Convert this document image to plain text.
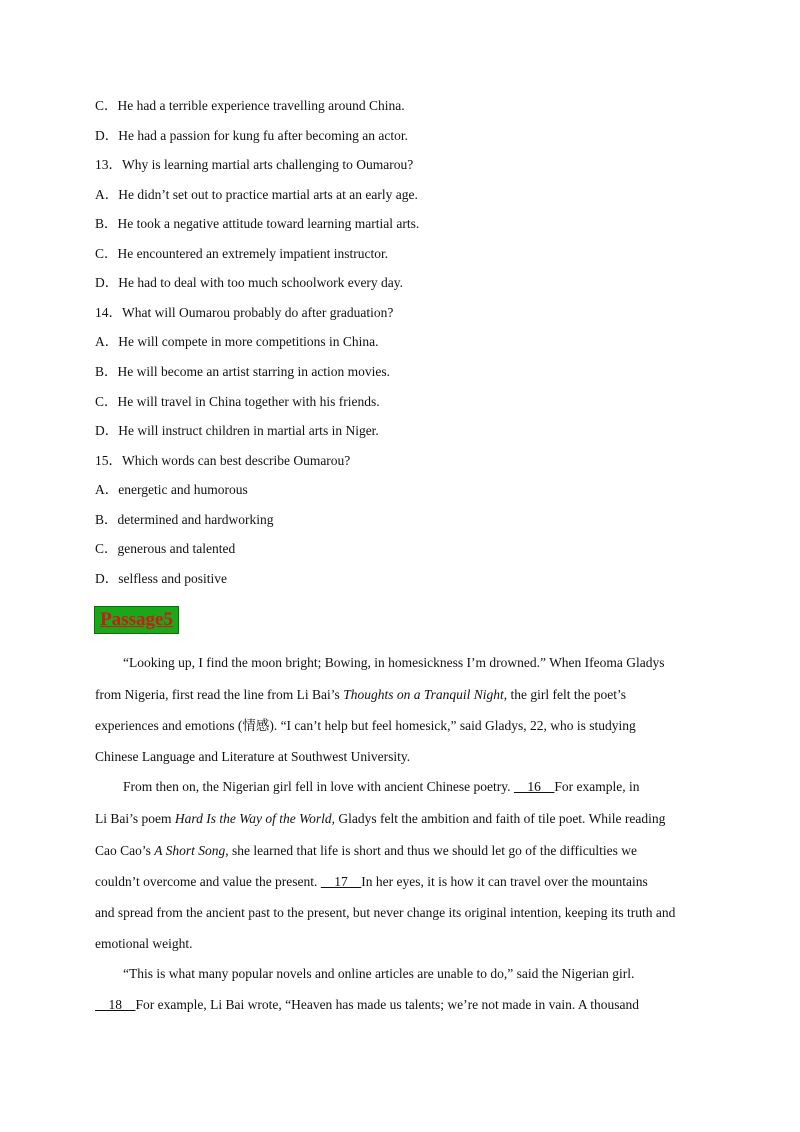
C．He had a terrible experience travelling around China.
D．He had a passion for kung fu after becoming an actor.
13．Why is learning martial arts challenging to Oumarou?
A．He didn’t set out to practice martial arts at an early age.
B．He took a negative attitude toward learning martial arts.
C．He encountered an extremely impatient instructor.
D．He had to deal with too much schoolwork every day.
14．What will Oumarou probably do after graduation?
A．He will compete in more competitions in China.
B．He will become an artist starring in action movies.
C．He will travel in China together with his friends.
D．He will instruct children in martial arts in Niger.
15．Which words can best describe Oumarou?
A．energetic and humorous
B．determined and hardworking
C．generous and talented
D．selfless and positive
Passage5
“Looking up, I find the moon bright; Bowing, in homesickness I’m drowned.” When Ifeoma Gladys
from Nigeria, first read the line from Li Bai’s Thoughts on a Tranquil Night, the girl felt the poet’s
experiences and emotions (情感). “I can’t help but feel homesick,” said Gladys, 22, who is studying
Chinese Language and Literature at Southwest University.
From then on, the Nigerian girl fell in love with ancient Chinese poetry.     16    For example, in
Li Bai’s poem Hard Is the Way of the World, Gladys felt the ambition and faith of tile poet. While reading
Cao Cao’s A Short Song, she learned that life is short and thus we should let go of the difficulties we
couldn’t overcome and value the present.     17    In her eyes, it is how it can travel over the mountains
and spread from the ancient past to the present, but never change its original intention, keeping its truth and
emotional weight.
“This is what many popular novels and online articles are unable to do,” said the Nigerian girl.
18    For example, Li Bai wrote, “Heaven has made us talents; we’re not made in vain. A thousand
